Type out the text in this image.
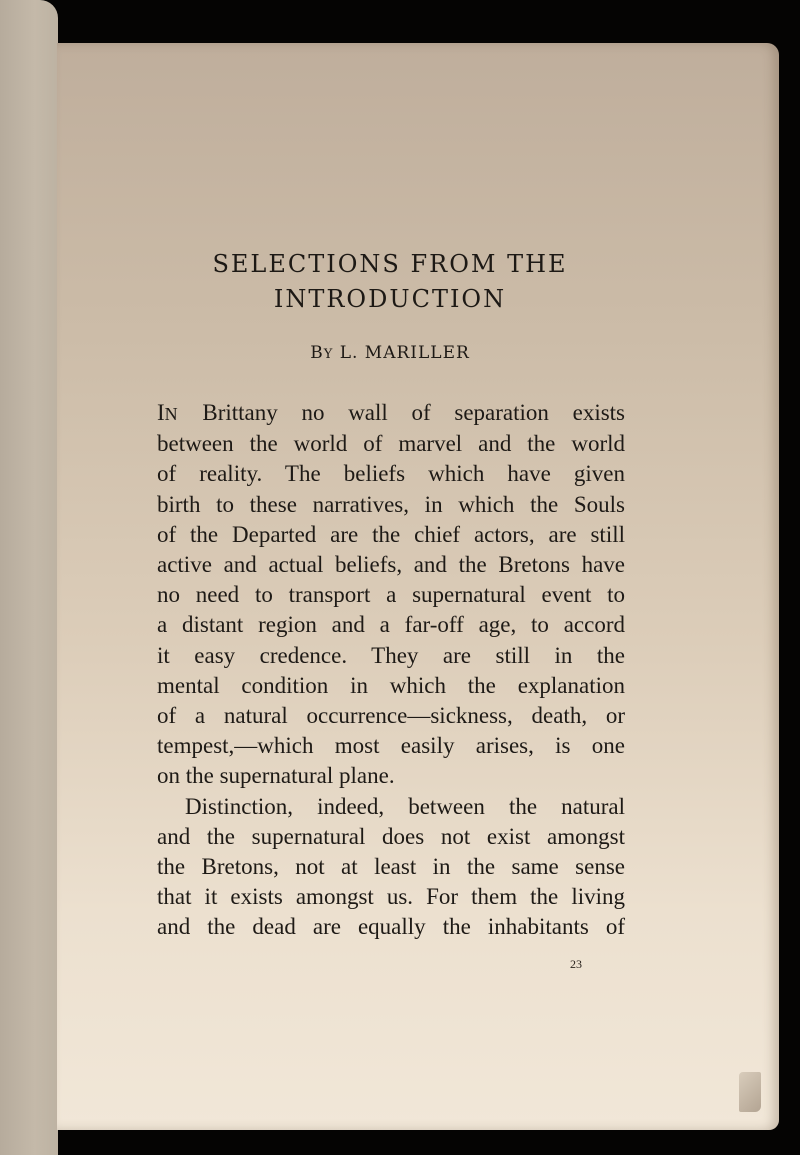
SELECTIONS FROM THE
INTRODUCTION
BY L. MARILLER
IN Brittany no wall of separation exists
between the world of marvel and the world
of reality. The beliefs which have given
birth to these narratives, in which the Souls
of the Departed are the chief actors, are still
active and actual beliefs, and the Bretons have
no need to transport a supernatural event to
a distant region and a far-off age, to accord
it easy credence. They are still in the
mental condition in which the explanation
of a natural occurrence—sickness, death, or
tempest,—which most easily arises, is one
on the supernatural plane.
Distinction, indeed, between the natural
and the supernatural does not exist amongst
the Bretons, not at least in the same sense
that it exists amongst us. For them the living
and the dead are equally the inhabitants of
23
